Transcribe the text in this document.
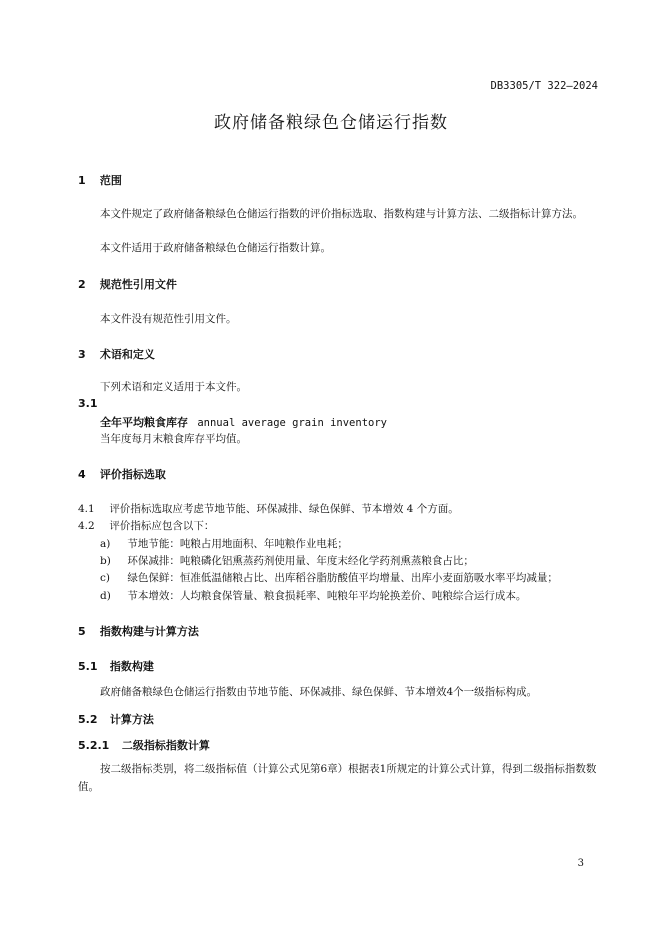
DB3305/T 322—2024
政府储备粮绿色仓储运行指数
1 范围
本文件规定了政府储备粮绿色仓储运行指数的评价指标选取、指数构建与计算方法、二级指标计算方法。
本文件适用于政府储备粮绿色仓储运行指数计算。
2 规范性引用文件
本文件没有规范性引用文件。
3 术语和定义
下列术语和定义适用于本文件。
3.1
全年平均粮食库存 annual average grain inventory
当年度每月末粮食库存平均值。
4 评价指标选取
4.1 评价指标选取应考虑节地节能、环保减排、绿色保鲜、节本增效 4 个方面。
4.2 评价指标应包含以下：
a) 节地节能：吨粮占用地面积、年吨粮作业电耗；
b) 环保减排：吨粮磷化铝熏蒸药剂使用量、年度末经化学药剂熏蒸粮食占比；
c) 绿色保鲜：恒准低温储粮占比、出库稻谷脂肪酸值平均增量、出库小麦面筋吸水率平均减量；
d) 节本增效：人均粮食保管量、粮食损耗率、吨粮年平均轮换差价、吨粮综合运行成本。
5 指数构建与计算方法
5.1 指数构建
政府储备粮绿色仓储运行指数由节地节能、环保减排、绿色保鲜、节本增效4个一级指标构成。
5.2 计算方法
5.2.1 二级指标指数计算
按二级指标类别，将二级指标值（计算公式见第6章）根据表1所规定的计算公式计算，得到二级指标指数数值。
3
